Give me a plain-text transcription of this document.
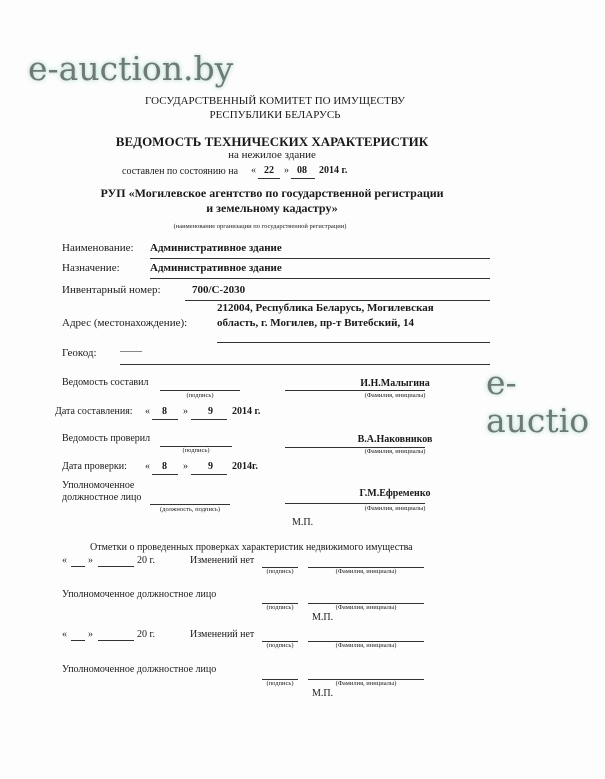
e-auction.by
e-auctio
ГОСУДАРСТВЕННЫЙ КОМИТЕТ ПО ИМУЩЕСТВУ
РЕСПУБЛИКИ БЕЛАРУСЬ
ВЕДОМОСТЬ ТЕХНИЧЕСКИХ ХАРАКТЕРИСТИК
на нежилое здание
составлен по состоянию на « 22 » 08 2014 г.
РУП «Могилевское агентство по государственной регистрации
и земельному кадастру»
(наименование организации по государственной регистрации)
Наименование: Административное здание
Назначение:	Административное здание
Инвентарный номер:	700/С-2030
212004, Республика Беларусь, Могилевская
Адрес (местонахождение):	область, г. Могилев, пр-т Витебский, 14
Геокод: ——
Ведомость составил
(подпись)
И.Н.Малыгина
(Фамилия, инициалы)
Дата составления: « 8 » 9 2014 г.
Ведомость проверил
(подпись)
В.А.Наковников
(Фамилия, инициалы)
Дата проверки: « 8 » 9 2014г.
Уполномоченное
должностное лицо
(должность, подпись)
Г.М.Ефременко
(Фамилия, инициалы)
М.П.
Отметки о проведенных проверках характеристик недвижимого имущества
« »	20 г.	Изменений нет
(подпись)	(Фамилия, инициалы)
Уполномоченное должностное лицо
(подпись)	(Фамилия, инициалы)
М.П.
« »	20 г.	Изменений нет
(подпись)	(Фамилия, инициалы)
Уполномоченное должностное лицо
(подпись)	(Фамилия, инициалы)
М.П.
